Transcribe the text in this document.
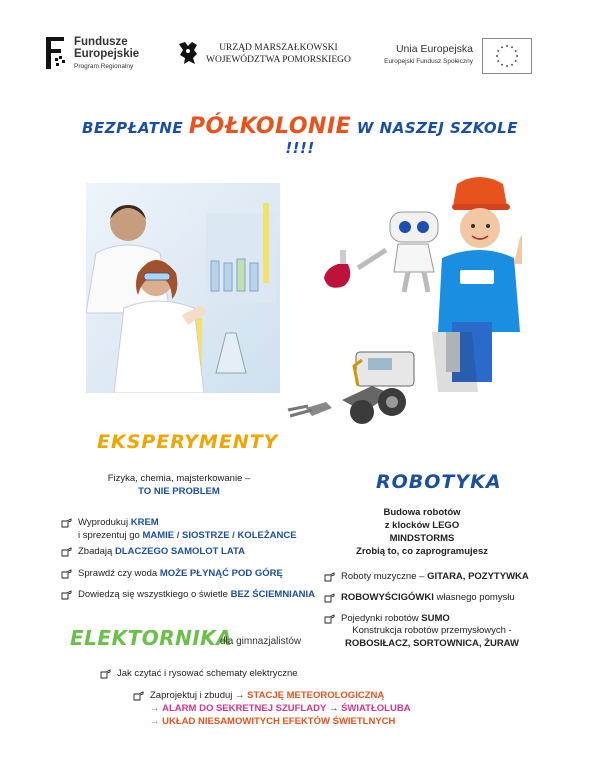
Fundusze
Europejskie
Program Regionalny
URZĄD MARSZAŁKOWSKI
WOJEWÓDZTWA POMORSKIEGO
Unia Europejska
Europejski Fundusz Społeczny
BEZPŁATNE PÓŁKOLONIE W NASZEJ SZKOLE !!!!
EKSPERYMENTY
Fizyka, chemia, majsterkowanie –
TO NIE PROBLEM
Wyprodukuj KREM
i sprezentuj go MAMIE / SIOSTRZE / KOLEŻANCE
Zbadają DLACZEGO SAMOLOT LATA
Sprawdź czy woda MOŻE PŁYNĄĆ POD GÓRĘ
Dowiedzą się wszystkiego o świetle BEZ ŚCIEMNIANIA
ROBOTYKA
Budowa robotów
z klocków LEGO MINDSTORMS
Zrobią to, co zaprogramujesz
Roboty muzyczne – GITARA, POZYTYWKA
ROBOWYŚCIGÓWKI własnego pomysłu
Pojedynki robotów SUMO
Konstrukcja robotów przemysłowych -
ROBOSIŁACZ, SORTOWNICA, ŻURAW
ELEKTORNIKA
dla gimnazjalistów
Jak czytać i rysować schematy elektryczne
Zaprojektuj i zbuduj → STACJĘ METEOROLOGICZNĄ
→ ALARM DO SEKRETNEJ SZUFLADY → ŚWIATŁOLUBA
→ UKŁAD NIESAMOWITYCH EFEKTÓW ŚWIETLNYCH
